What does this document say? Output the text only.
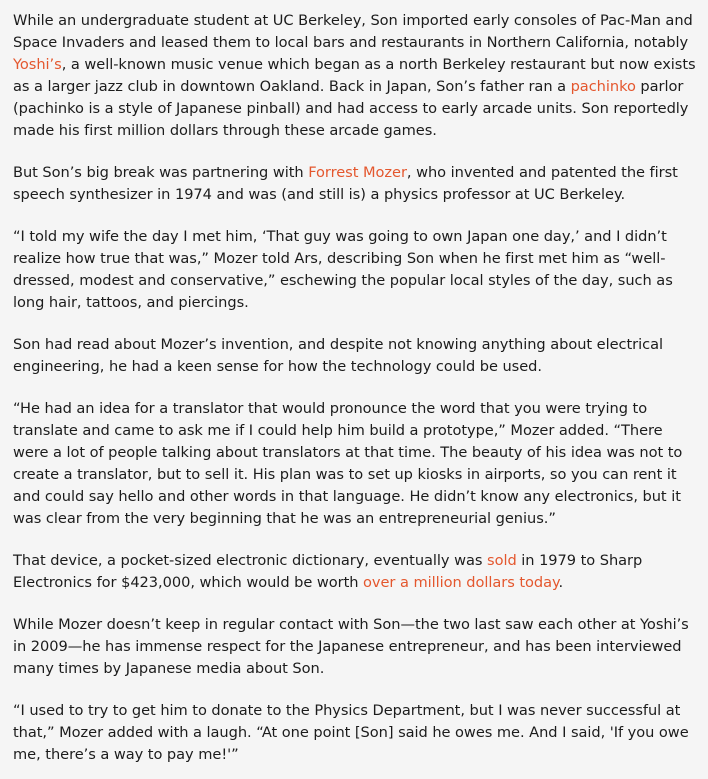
While an undergraduate student at UC Berkeley, Son imported early consoles of Pac-Man and Space Invaders and leased them to local bars and restaurants in Northern California, notably Yoshi’s, a well-known music venue which began as a north Berkeley restaurant but now exists as a larger jazz club in downtown Oakland. Back in Japan, Son’s father ran a pachinko parlor (pachinko is a style of Japanese pinball) and had access to early arcade units. Son reportedly made his first million dollars through these arcade games.

But Son’s big break was partnering with Forrest Mozer, who invented and patented the first speech synthesizer in 1974 and was (and still is) a physics professor at UC Berkeley.

“I told my wife the day I met him, ‘That guy was going to own Japan one day,’ and I didn’t realize how true that was,” Mozer told Ars, describing Son when he first met him as “well-dressed, modest and conservative,” eschewing the popular local styles of the day, such as long hair, tattoos, and piercings.

Son had read about Mozer’s invention, and despite not knowing anything about electrical engineering, he had a keen sense for how the technology could be used.

“He had an idea for a translator that would pronounce the word that you were trying to translate and came to ask me if I could help him build a prototype,” Mozer added. “There were a lot of people talking about translators at that time. The beauty of his idea was not to create a translator, but to sell it. His plan was to set up kiosks in airports, so you can rent it and could say hello and other words in that language. He didn’t know any electronics, but it was clear from the very beginning that he was an entrepreneurial genius.”

That device, a pocket-sized electronic dictionary, eventually was sold in 1979 to Sharp Electronics for $423,000, which would be worth over a million dollars today.

While Mozer doesn’t keep in regular contact with Son—the two last saw each other at Yoshi’s in 2009—he has immense respect for the Japanese entrepreneur, and has been interviewed many times by Japanese media about Son.

“I used to try to get him to donate to the Physics Department, but I was never successful at that,” Mozer added with a laugh. “At one point [Son] said he owes me. And I said, 'If you owe me, there’s a way to pay me!'”
